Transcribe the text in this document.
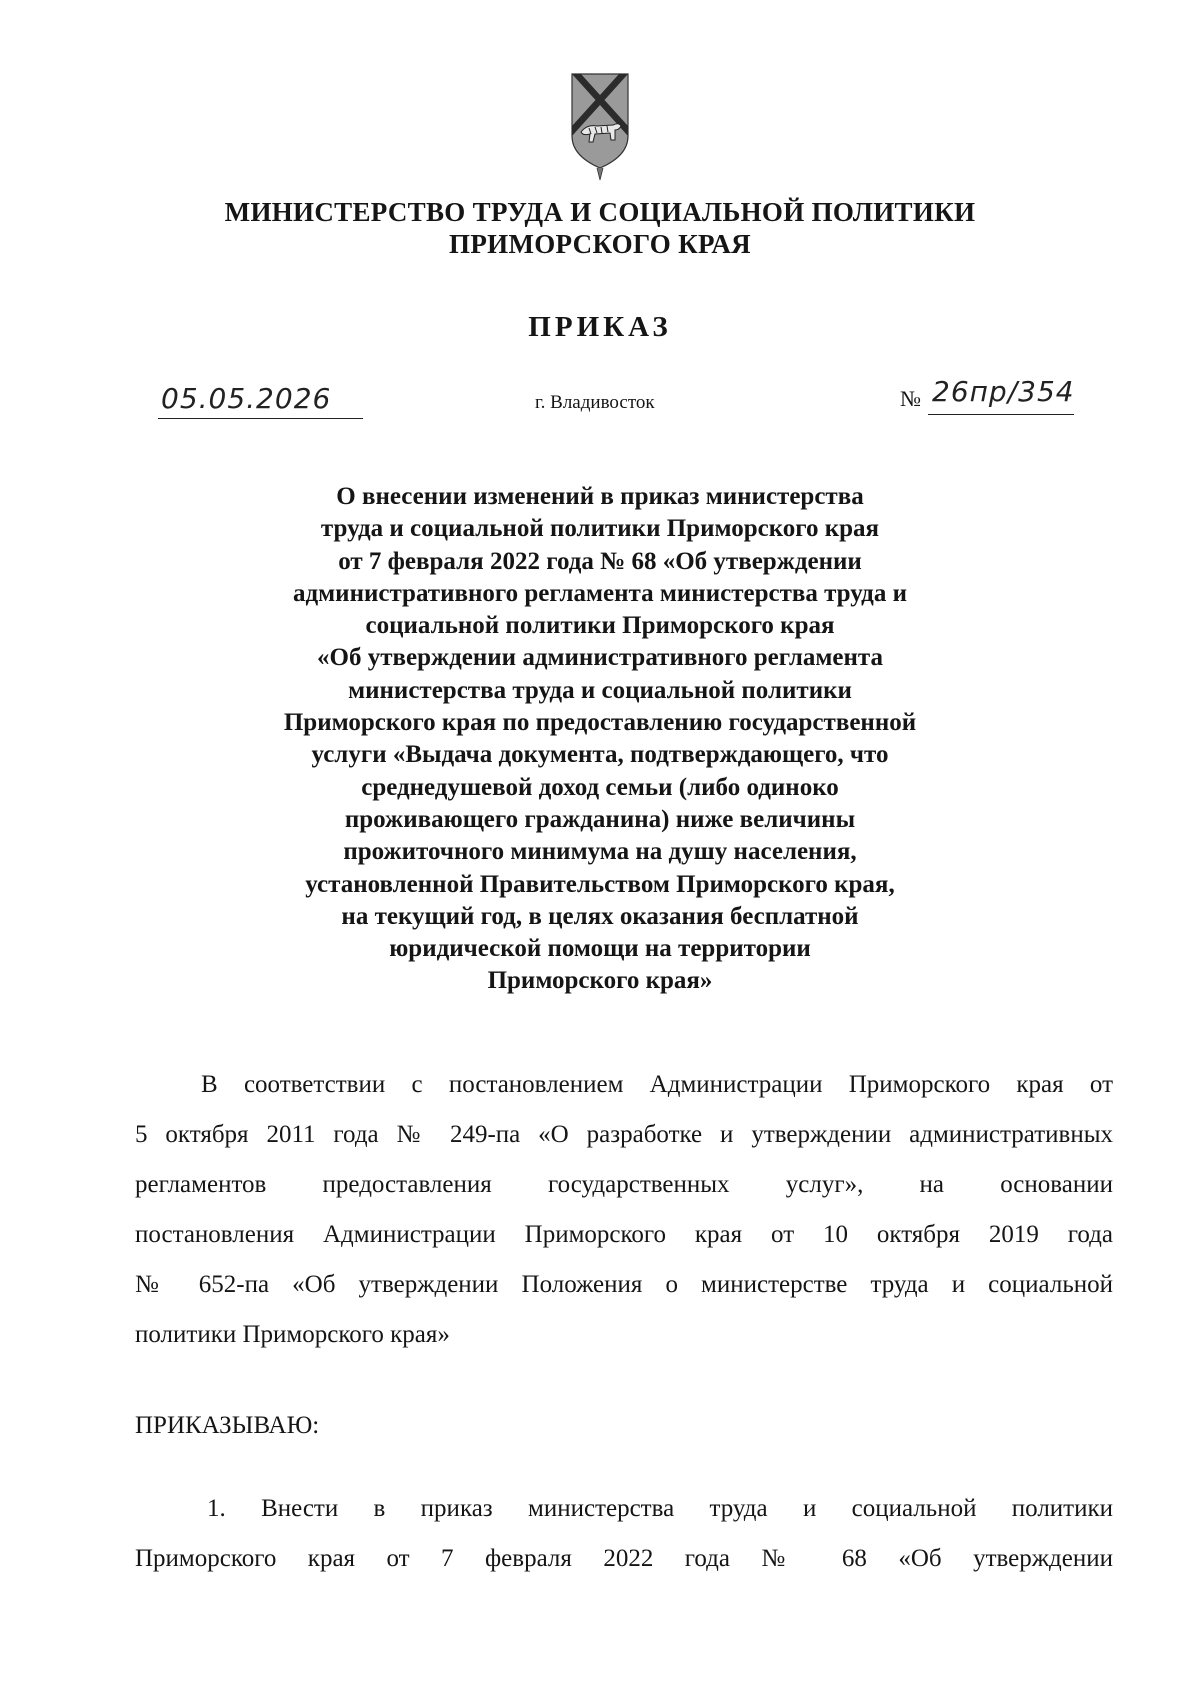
МИНИСТЕРСТВО ТРУДА И СОЦИАЛЬНОЙ ПОЛИТИКИ
ПРИМОРСКОГО КРАЯ
ПРИКАЗ
05.05.2026	г. Владивосток	№ 26пр/354
О внесении изменений в приказ министерства
труда и социальной политики Приморского края
от 7 февраля 2022 года № 68 «Об утверждении
административного регламента министерства труда и
социальной политики Приморского края
«Об утверждении административного регламента
министерства труда и социальной политики
Приморского края по предоставлению государственной
услуги «Выдача документа, подтверждающего, что
среднедушевой доход семьи (либо одиноко
проживающего гражданина) ниже величины
прожиточного минимума на душу населения,
установленной Правительством Приморского края,
на текущий год, в целях оказания бесплатной
юридической помощи на территории
Приморского края»
В соответствии с постановлением Администрации Приморского края от
5 октября 2011 года № 249-па «О разработке и утверждении административных
регламентов предоставления государственных услуг», на основании
постановления Администрации Приморского края от 10 октября 2019 года
№ 652-па «Об утверждении Положения о министерстве труда и социальной
политики Приморского края»
ПРИКАЗЫВАЮ:
1. Внести в приказ министерства труда и социальной политики
Приморского края от 7 февраля 2022 года № 68 «Об утверждении
